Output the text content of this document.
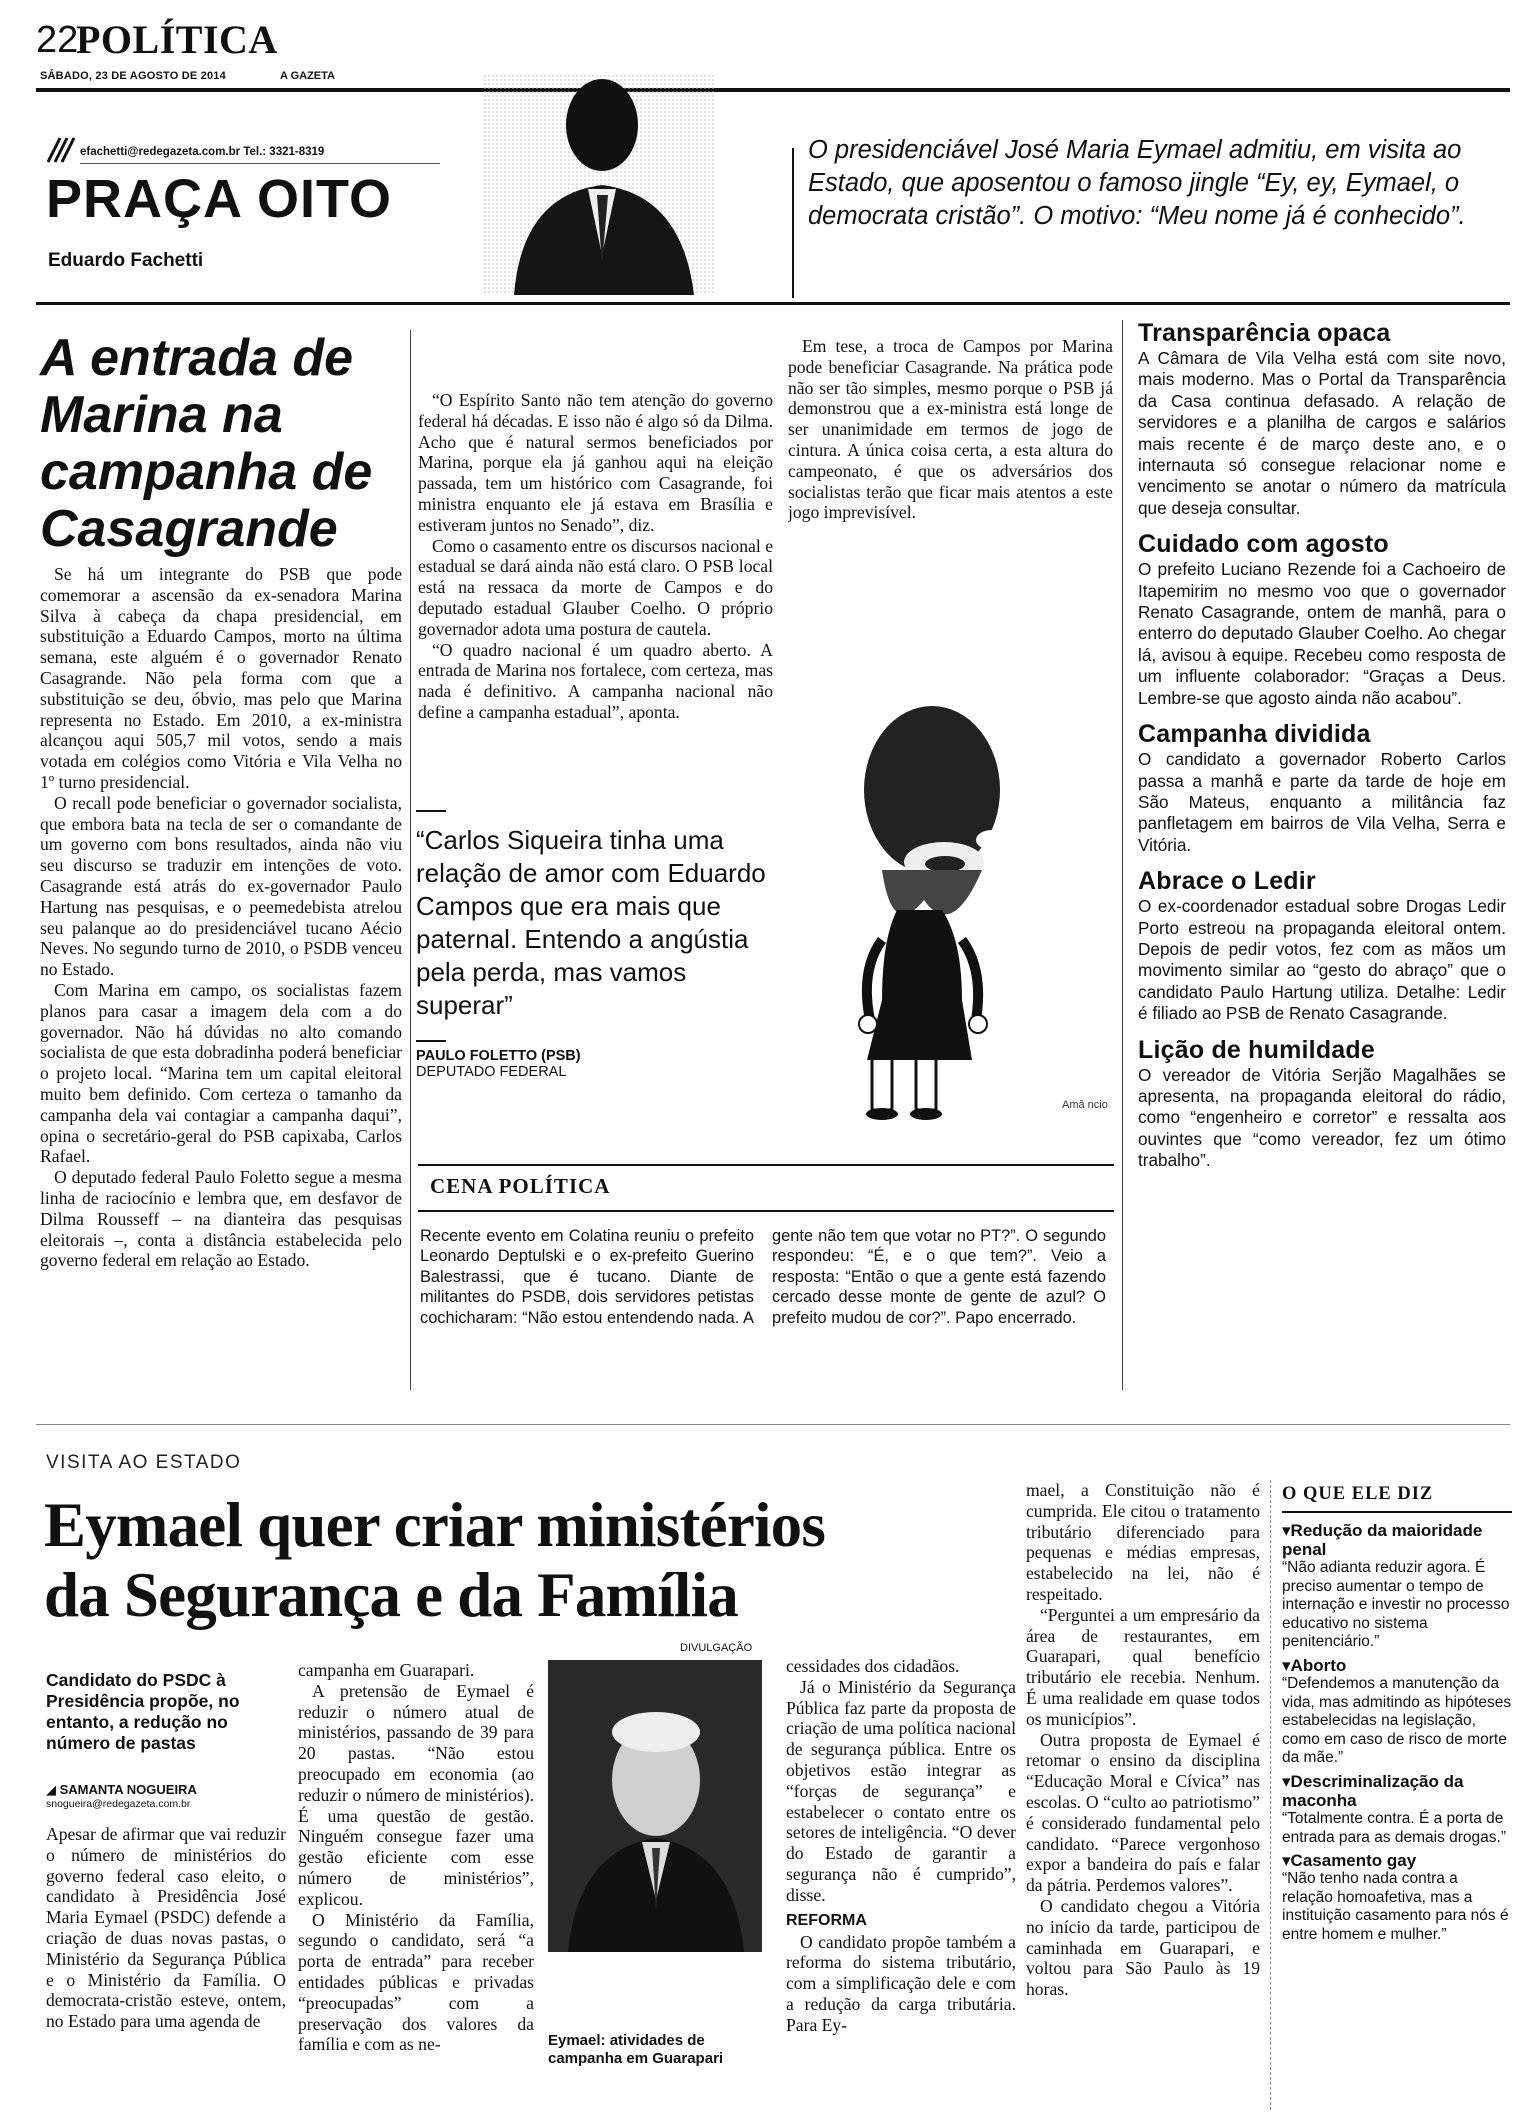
22
POLÍTICA
SÁBADO, 23 DE AGOSTO DE 2014	A GAZETA
efachetti@redegazeta.com.br Tel.: 3321-8319
PRAÇA OITO
Eduardo Fachetti
O presidenciável José Maria Eymael admitiu, em visita ao Estado, que aposentou o famoso jingle “Ey, ey, Eymael, o democrata cristão”. O motivo: “Meu nome já é conhecido”.
A entrada de Marina na campanha de Casagrande

Se há um integrante do PSB que pode comemorar a ascensão da ex-senadora Marina Silva à cabeça da chapa presidencial, em substituição a Eduardo Campos, morto na última semana, este alguém é o governador Renato Casagrande. Não pela forma com que a substituição se deu, óbvio, mas pelo que Marina representa no Estado. Em 2010, a ex-ministra alcançou aqui 505,7 mil votos, sendo a mais votada em colégios como Vitória e Vila Velha no 1º turno presidencial.

O recall pode beneficiar o governador socialista, que embora bata na tecla de ser o comandante de um governo com bons resultados, ainda não viu seu discurso se traduzir em intenções de voto. Casagrande está atrás do ex-governador Paulo Hartung nas pesquisas, e o peemedebista atrelou seu palanque ao do presidenciável tucano Aécio Neves. No segundo turno de 2010, o PSDB venceu no Estado.

Com Marina em campo, os socialistas fazem planos para casar a imagem dela com a do governador. Não há dúvidas no alto comando socialista de que esta dobradinha poderá beneficiar o projeto local. “Marina tem um capital eleitoral muito bem definido. Com certeza o tamanho da campanha dela vai contagiar a campanha daqui”, opina o secretário-geral do PSB capixaba, Carlos Rafael.

O deputado federal Paulo Foletto segue a mesma linha de raciocínio e lembra que, em desfavor de Dilma Rousseff – na dianteira das pesquisas eleitorais –, conta a distância estabelecida pelo governo federal em relação ao Estado.

“O Espírito Santo não tem atenção do governo federal há décadas. E isso não é algo só da Dilma. Acho que é natural sermos beneficiados por Marina, porque ela já ganhou aqui na eleição passada, tem um histórico com Casagrande, foi ministra enquanto ele já estava em Brasília e estiveram juntos no Senado”, diz.

Como o casamento entre os discursos nacional e estadual se dará ainda não está claro. O PSB local está na ressaca da morte de Campos e do deputado estadual Glauber Coelho. O próprio governador adota uma postura de cautela.

“O quadro nacional é um quadro aberto. A entrada de Marina nos fortalece, com certeza, mas nada é definitivo. A campanha nacional não define a campanha estadual”, aponta.

Em tese, a troca de Campos por Marina pode beneficiar Casagrande. Na prática pode não ser tão simples, mesmo porque o PSB já demonstrou que a ex-ministra está longe de ser unanimidade em termos de jogo de cintura. A única coisa certa, a esta altura do campeonato, é que os adversários dos socialistas terão que ficar mais atentos a este jogo imprevisível.

“Carlos Siqueira tinha uma relação de amor com Eduardo Campos que era mais que paternal. Entendo a angústia pela perda, mas vamos superar”
PAULO FOLETTO (PSB)
DEPUTADO FEDERAL
Amâ ncio
CENA POLÍTICA
Recente evento em Colatina reuniu o prefeito Leonardo Deptulski e o ex-prefeito Guerino Balestrassi, que é tucano. Diante de militantes do PSDB, dois servidores petistas cochicharam: “Não estou entendendo nada. A gente não tem que votar no PT?”. O segundo respondeu: “É, e o que tem?”. Veio a resposta: “Então o que a gente está fazendo cercado desse monte de gente de azul? O prefeito mudou de cor?”. Papo encerrado.
Transparência opaca
A Câmara de Vila Velha está com site novo, mais moderno. Mas o Portal da Transparência da Casa continua defasado. A relação de servidores e a planilha de cargos e salários mais recente é de março deste ano, e o internauta só consegue relacionar nome e vencimento se anotar o número da matrícula que deseja consultar.
Cuidado com agosto
O prefeito Luciano Rezende foi a Cachoeiro de Itapemirim no mesmo voo que o governador Renato Casagrande, ontem de manhã, para o enterro do deputado Glauber Coelho. Ao chegar lá, avisou à equipe. Recebeu como resposta de um influente colaborador: “Graças a Deus. Lembre-se que agosto ainda não acabou”.
Campanha dividida
O candidato a governador Roberto Carlos passa a manhã e parte da tarde de hoje em São Mateus, enquanto a militância faz panfletagem em bairros de Vila Velha, Serra e Vitória.
Abrace o Ledir
O ex-coordenador estadual sobre Drogas Ledir Porto estreou na propaganda eleitoral ontem. Depois de pedir votos, fez com as mãos um movimento similar ao “gesto do abraço” que o candidato Paulo Hartung utiliza. Detalhe: Ledir é filiado ao PSB de Renato Casagrande.
Lição de humildade
O vereador de Vitória Serjão Magalhães se apresenta, na propaganda eleitoral do rádio, como “engenheiro e corretor” e ressalta aos ouvintes que “como vereador, fez um ótimo trabalho”.
VISITA AO ESTADO
Eymael quer criar ministérios
da Segurança e da Família
Candidato do PSDC à Presidência propõe, no entanto, a redução no número de pastas
◢ SAMANTA NOGUEIRA
snogueira@redegazeta.com.br

Apesar de afirmar que vai reduzir o número de ministérios do governo federal caso eleito, o candidato à Presidência José Maria Eymael (PSDC) defende a criação de duas novas pastas, o Ministério da Segurança Pública e o Ministério da Família. O democrata-cristão esteve, ontem, no Estado para uma agenda de

campanha em Guarapari.

A pretensão de Eymael é reduzir o número atual de ministérios, passando de 39 para 20 pastas. “Não estou preocupado em economia (ao reduzir o número de ministérios). É uma questão de gestão. Ninguém consegue fazer uma gestão eficiente com esse número de ministérios”, explicou.

O Ministério da Família, segundo o candidato, será “a porta de entrada” para receber entidades públicas e privadas “preocupadas” com a preservação dos valores da família e com as ne-

DIVULGAÇÃO
Eymael: atividades de campanha em Guarapari

cessidades dos cidadãos.

Já o Ministério da Segurança Pública faz parte da proposta de criação de uma política nacional de segurança pública. Entre os objetivos estão integrar as “forças de segurança” e estabelecer o contato entre os setores de inteligência. “O dever do Estado de garantir a segurança não é cumprido”, disse.

REFORMA

O candidato propõe também a reforma do sistema tributário, com a simplificação dele e com a redução da carga tributária. Para Ey-

mael, a Constituição não é cumprida. Ele citou o tratamento tributário diferenciado para pequenas e médias empresas, estabelecido na lei, não é respeitado.

“Perguntei a um empresário da área de restaurantes, em Guarapari, qual benefício tributário ele recebia. Nenhum. É uma realidade em quase todos os municípios”.

Outra proposta de Eymael é retomar o ensino da disciplina “Educação Moral e Cívica” nas escolas. O “culto ao patriotismo” é considerado fundamental pelo candidato. “Parece vergonhoso expor a bandeira do país e falar da pátria. Perdemos valores”.

O candidato chegou a Vitória no início da tarde, participou de caminhada em Guarapari, e voltou para São Paulo às 19 horas.

O QUE ELE DIZ
▾Redução da maioridade penal
“Não adianta reduzir agora. É preciso aumentar o tempo de internação e investir no processo educativo no sistema penitenciário.”
▾Aborto
“Defendemos a manutenção da vida, mas admitindo as hipóteses estabelecidas na legislação, como em caso de risco de morte da mãe.”
▾Descriminalização da maconha
“Totalmente contra. É a porta de entrada para as demais drogas.”
▾Casamento gay
“Não tenho nada contra a relação homoafetiva, mas a instituição casamento para nós é entre homem e mulher.”
